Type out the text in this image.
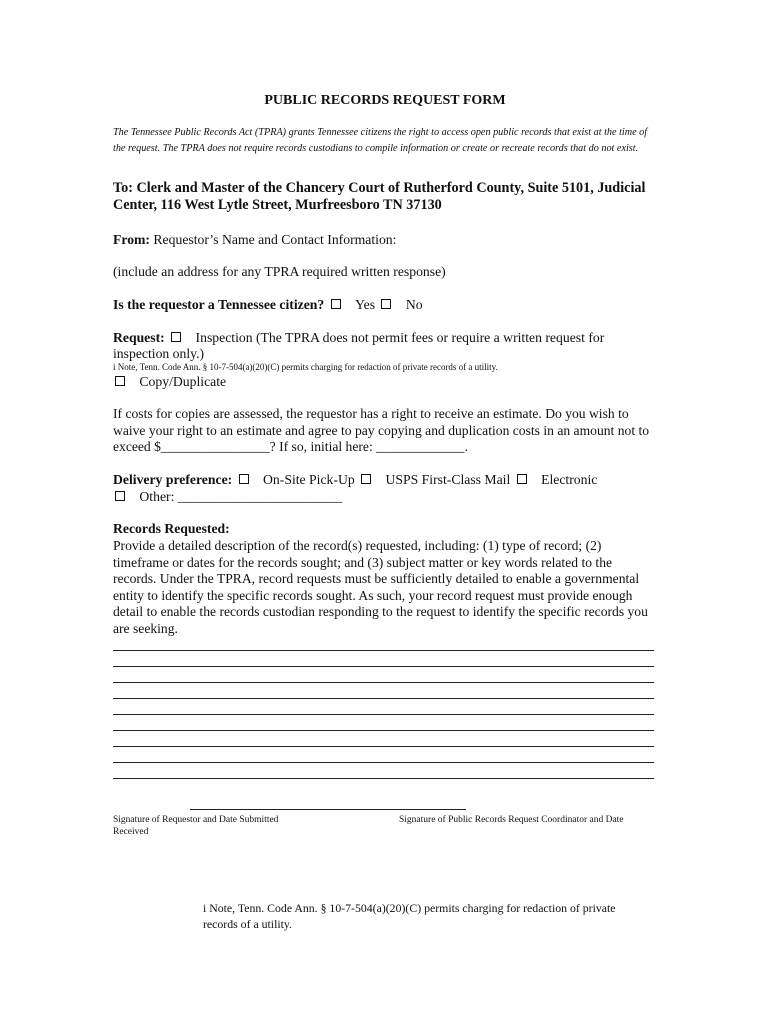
PUBLIC RECORDS REQUEST FORM
The Tennessee Public Records Act (TPRA) grants Tennessee citizens the right to access open public records that exist at the time of the request. The TPRA does not require records custodians to compile information or create or recreate records that do not exist.
To: Clerk and Master of the Chancery Court of Rutherford County, Suite 5101, Judicial Center, 116 West Lytle Street, Murfreesboro TN 37130
From: Requestor’s Name and Contact Information:
(include an address for any TPRA required written response)
Is the requestor a Tennessee citizen? Yes No
Request: Inspection (The TPRA does not permit fees or require a written request for
inspection only.)
i Note, Tenn. Code Ann. § 10-7-504(a)(20)(C) permits charging for redaction of private records of a utility.
Copy/Duplicate
If costs for copies are assessed, the requestor has a right to receive an estimate. Do you wish to waive your right to an estimate and agree to pay copying and duplication costs in an amount not to exceed $________________? If so, initial here: _____________.
Delivery preference: On-Site Pick-Up USPS First-Class Mail Electronic
Other: ________________________
Records Requested:
Provide a detailed description of the record(s) requested, including: (1) type of record; (2) timeframe or dates for the records sought; and (3) subject matter or key words related to the records. Under the TPRA, record requests must be sufficiently detailed to enable a governmental entity to identify the specific records sought. As such, your record request must provide enough detail to enable the records custodian responding to the request to identify the specific records you are seeking.
Signature of Requestor and Date Submitted
Received
Signature of Public Records Request Coordinator and Date
i Note, Tenn. Code Ann. § 10-7-504(a)(20)(C) permits charging for redaction of private records of a utility.
